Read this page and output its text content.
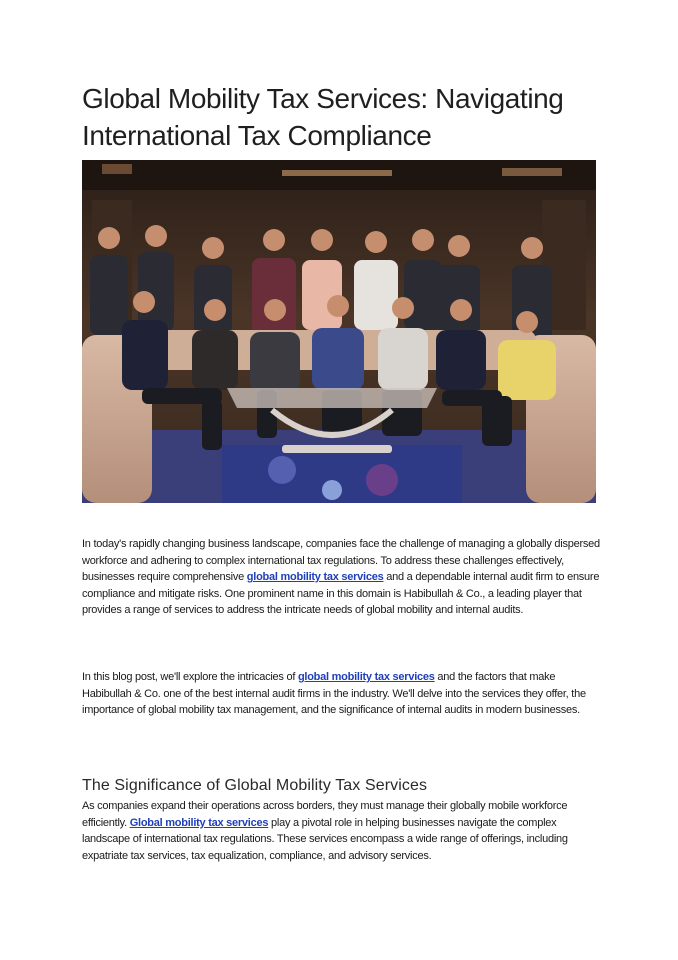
Global Mobility Tax Services: Navigating International Tax Compliance

In today's rapidly changing business landscape, companies face the challenge of managing a globally dispersed workforce and adhering to complex international tax regulations. To address these challenges effectively, businesses require comprehensive global mobility tax services and a dependable internal audit firm to ensure compliance and mitigate risks. One prominent name in this domain is Habibullah & Co., a leading player that provides a range of services to address the intricate needs of global mobility and internal audits.

In this blog post, we'll explore the intricacies of global mobility tax services and the factors that make Habibullah & Co. one of the best internal audit firms in the industry. We'll delve into the services they offer, the importance of global mobility tax management, and the significance of internal audits in modern businesses.

The Significance of Global Mobility Tax Services

As companies expand their operations across borders, they must manage their globally mobile workforce efficiently. Global mobility tax services play a pivotal role in helping businesses navigate the complex landscape of international tax regulations. These services encompass a wide range of offerings, including expatriate tax services, tax equalization, compliance, and advisory services.
